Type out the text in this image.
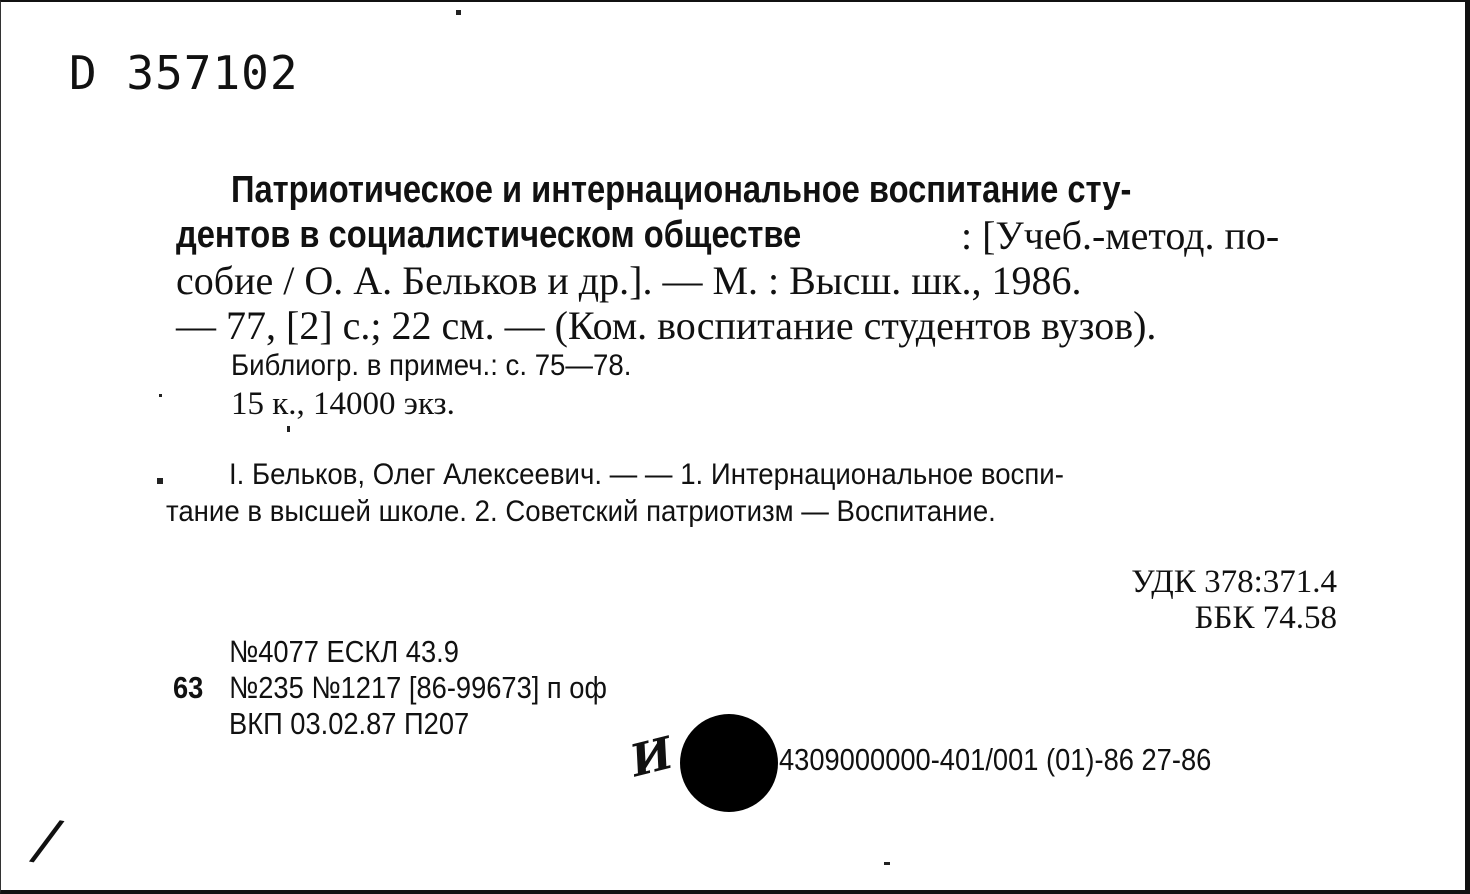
D 357102
Патриотическое и интернациональное воспитание сту-
дентов в социалистическом обществе	: [Учеб.-метод. по-
собие / О. А. Бельков и др.]. — М. : Высш. шк., 1986.
— 77, [2] с.; 22 см. — (Ком. воспитание студентов вузов).
Библиогр. в примеч.: с. 75—78.
15 к., 14000 экз.
I. Бельков, Олег Алексеевич. — — 1. Интернациональное воспи-
тание в высшей школе. 2. Советский патриотизм — Воспитание.
УДК 378:371.4
ББК 74.58
№4077 ЕСКЛ 43.9
63 №235 №1217 [86-99673] п оф
ВКП 03.02.87 П207
И	4309000000-401/001 (01)-86 27-86
/
